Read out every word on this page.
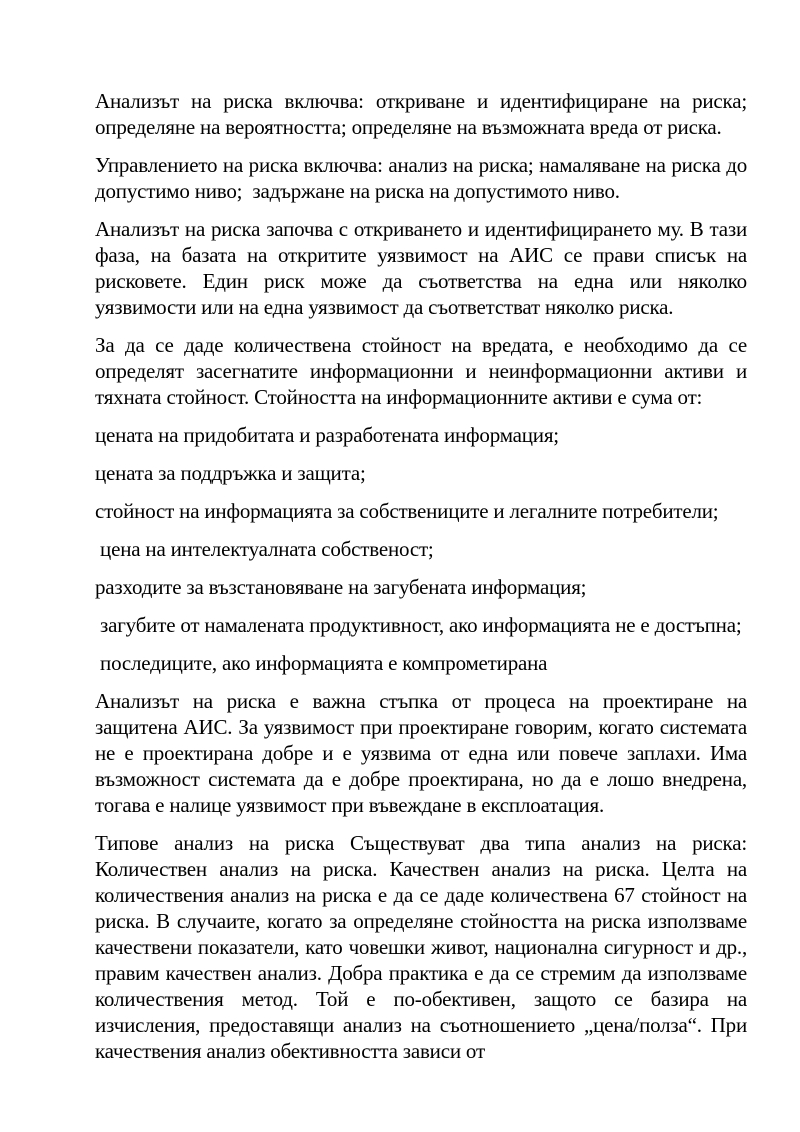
Анализът на риска включва: откриване и идентифициране на риска; определяне на вероятността; определяне на възможната вреда от риска.

Управлението на риска включва: анализ на риска; намаляване на риска до допустимо ниво;  задържане на риска на допустимото ниво.

Анализът на риска започва с откриването и идентифицирането му. В тази фаза, на базата на откритите уязвимост на АИС се прави списък на рисковете. Един риск може да съответства на една или няколко уязвимости или на една уязвимост да съответстват няколко риска.

За да се даде количествена стойност на вредата, е необходимо да се определят засегнатите информационни и неинформационни активи и тяхната стойност. Стойността на информационните активи е сума от:

цената на придобитата и разработената информация;

цената за поддръжка и защита;

стойност на информацията за собствениците и легалните потребители;

цена на интелектуалната собственост;

разходите за възстановяване на загубената информация;

загубите от намалената продуктивност, ако информацията не е достъпна;

последиците, ако информацията е компрометирана

Анализът на риска е важна стъпка от процеса на проектиране на защитена АИС. За уязвимост при проектиране говорим, когато системата не е проектирана добре и е уязвима от една или повече заплахи. Има възможност системата да е добре проектирана, но да е лошо внедрена, тогава е налице уязвимост при въвеждане в експлоатация.

Типове анализ на риска Съществуват два типа анализ на риска: Количествен анализ на риска. Качествен анализ на риска. Целта на количествения анализ на риска е да се даде количествена 67 стойност на риска. В случаите, когато за определяне стойността на риска използваме качествени показатели, като човешки живот, национална сигурност и др., правим качествен анализ. Добра практика е да се стремим да използваме количествения метод. Той е по-обективен, защото се базира на изчисления, предоставящи анализ на съотношението „цена/полза“. При качествения анализ обективността зависи от
